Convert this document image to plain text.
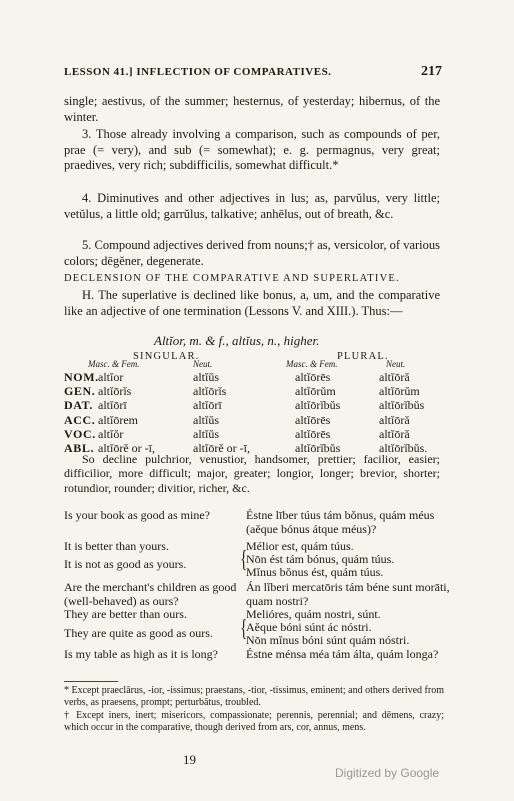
LESSON 41.] INFLECTION OF COMPARATIVES.	217
single; aestivus, of the summer; hesternus, of yesterday; hibernus, of the winter.
3. Those already involving a comparison, such as compounds of per, prae (= very), and sub (= somewhat); e. g. permagnus, very great; praedives, very rich; subdifficilis, somewhat difficult.*
4. Diminutives and other adjectives in lus; as, parvŭlus, very little; vetŭlus, a little old; garrŭlus, talkative; anhēlus, out of breath, &c.
5. Compound adjectives derived from nouns;† as, versicolor, of various colors; dēgĕner, degenerate.
DECLENSION OF THE COMPARATIVE AND SUPERLATIVE.
H. The superlative is declined like bonus, a, um, and the comparative like an adjective of one termination (Lessons V. and XIII.). Thus:—
Altĭor, m. & f., altĭus, n., higher.
SINGULAR.	PLURAL.
Masc. & Fem.	Neut.	Masc. & Fem.	Neut.
NOM. altĭor	altĭŭs	altĭōrēs	altĭōră
GEN. altĭōrĭs	altĭōrĭs	altĭōrŭm	altĭōrŭm
DAT. altĭōrī	altĭōrī	altĭōrĭbŭs	altĭōrĭbŭs
ACC. altĭōrem	altĭŭs	altĭōrēs	altĭōră
VOC. altĭŏr	altĭŭs	altĭōrēs	altĭōră
ABL. altĭōrĕ or -ī,	altĭōrĕ or -ī,	altĭōrĭbŭs	altĭōrĭbŭs.
So decline pulchrior, venustior, handsomer, prettier; facilior, easier; difficilior, more difficult; major, greater; longior, longer; brevior, shorter; rotundior, rounder; divitior, richer, &c.
Is your book as good as mine?	Éstne līber túus tám bŏnus, quám méus (aĕque bónus átque méus)?
It is better than yours.	Mélior est, quám túus.
It is not as good as yours.	{
Nōn ést tám bónus, quám túus.
Mĭnus bŏnus ést, quám túus.
Are the merchant's children as good (well-behaved) as ours?
Án lĭberi mercatōris tám béne sunt morāti, quam nostri?
They are better than ours.	Melióres, quám nostri, súnt.
They are quite as good as ours.	{
Aĕque bóni súnt ác nóstri.
Nōn mĭnus bóni súnt quám nóstri.
Is my table as high as it is long?	Éstne ménsa méa tám álta, quám longa?
* Except praeclārus, -ior, -issimus; praestans, -tior, -tissimus, eminent; and others derived from verbs, as praesens, prompt; perturbātus, troubled.
† Except iners, inert; misericors, compassionate; perennis, perennial; and dēmens, crazy; which occur in the comparative, though derived from ars, cor, annus, mens.
19
Digitized by Google
